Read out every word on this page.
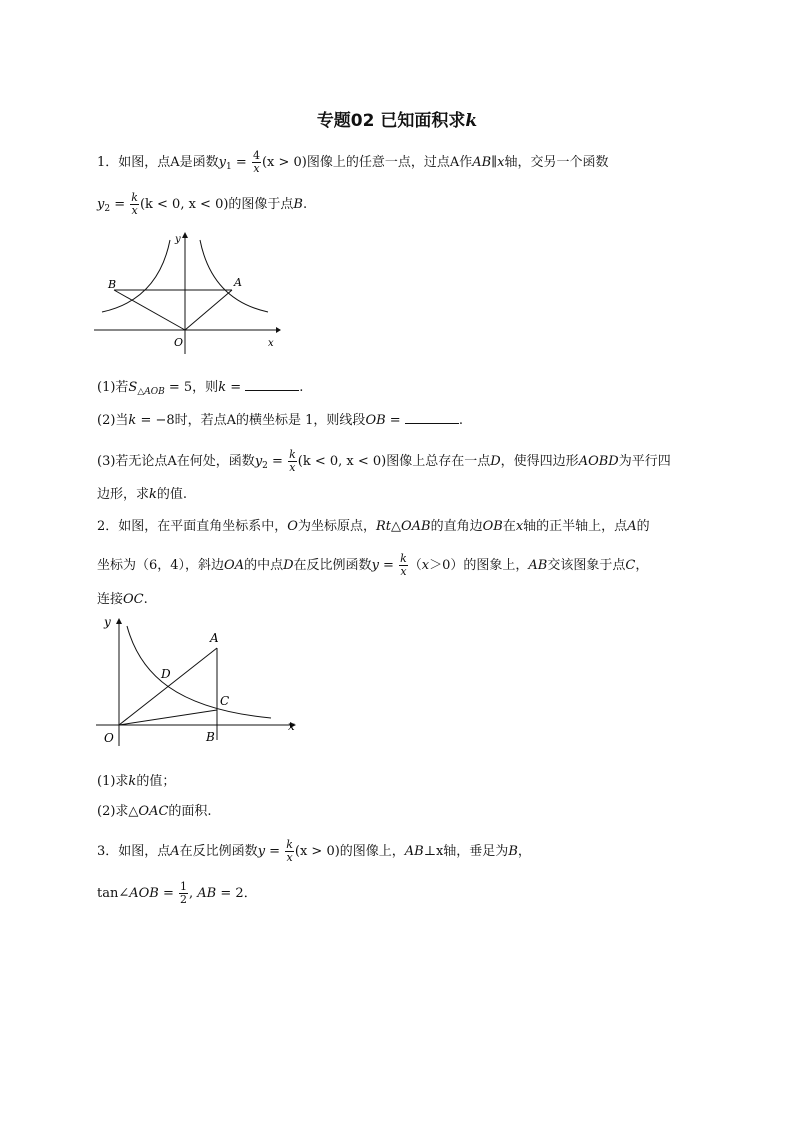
专题02 已知面积求k
1．如图，点A是函数$y_1 = \frac{4}{x} (x > 0)$图像上的任意一点，过点A作AB∥x轴，交另一个函数
$y_2 = \frac{k}{x} (k < 0$, x < 0)的图像于点B.
y
x
O
A
B
(1)若$S_{\triangle AOB} = 5$，则k =	.
(2)当k = −8时，若点A的横坐标是 1，则线段OB =	.
(3)若无论点A在何处，函数$y_2 = \frac{k}{x} (k < 0$, x < 0)图像上总存在一点D，使得四边形AOBD为平行四
边形，求k的值.
2．如图，在平面直角坐标系中，O为坐标原点，Rt△OAB的直角边OB在x轴的正半轴上，点A的
坐标为（6，4），斜边OA的中点D在反比例函数$y = \frac{k}{x} (x>0)$的图象上，AB交该图象于点C，
连接OC.
y
x
O
A
B
C
D
(1)求k的值；
(2)求△OAC的面积.
3．如图，点A在反比例函数$y = \frac{k}{x} (x > 0)$的图像上，AB⊥x轴，垂足为B，
tan∠AOB = $\frac{1}{2}$ , AB = 2．
